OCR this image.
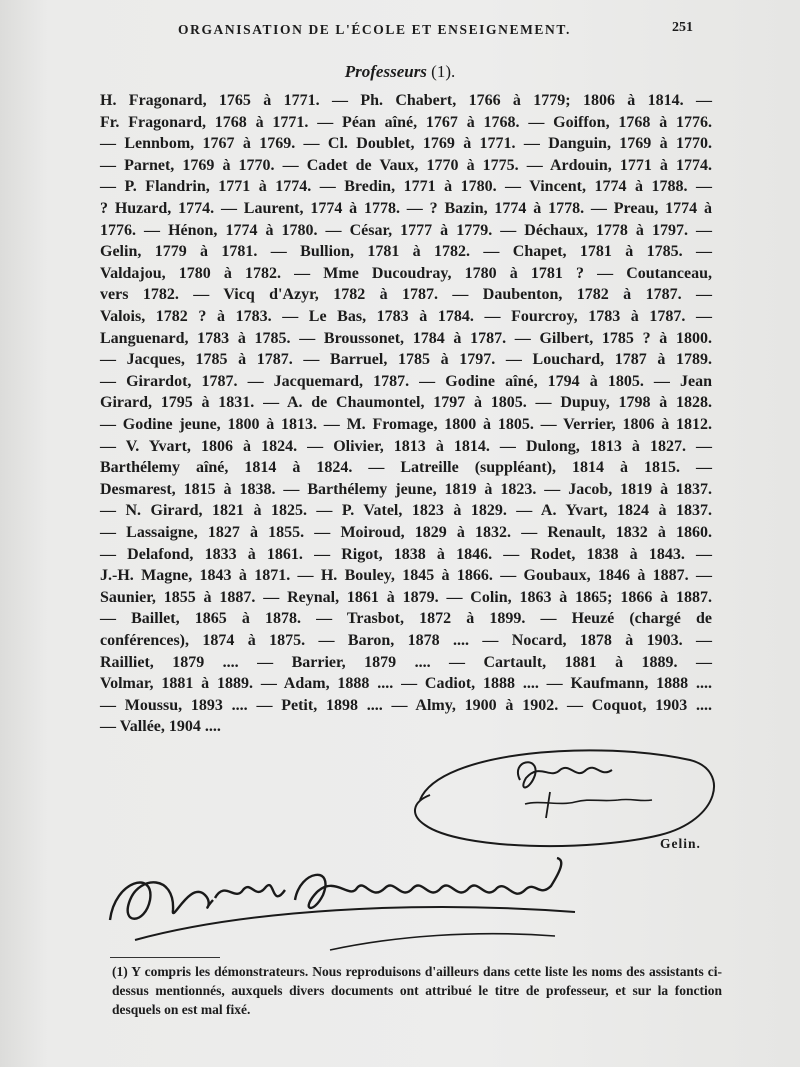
ORGANISATION DE L'ÉCOLE ET ENSEIGNEMENT.	251
Professeurs (1).
H. Fragonard, 1765 à 1771. — Ph. Chabert, 1766 à 1779; 1806 à 1814. —
Fr. Fragonard, 1768 à 1771. — Péan aîné, 1767 à 1768. — Goiffon, 1768 à 1776.
— Lennbom, 1767 à 1769. — Cl. Doublet, 1769 à 1771. — Danguin, 1769 à 1770.
— Parnet, 1769 à 1770. — Cadet de Vaux, 1770 à 1775. — Ardouin, 1771 à 1774.
— P. Flandrin, 1771 à 1774. — Bredin, 1771 à 1780. — Vincent, 1774 à 1788. —
? Huzard, 1774. — Laurent, 1774 à 1778. — ? Bazin, 1774 à 1778. — Preau, 1774 à
1776. — Hénon, 1774 à 1780. — César, 1777 à 1779. — Déchaux, 1778 à 1797. —
Gelin, 1779 à 1781. — Bullion, 1781 à 1782. — Chapet, 1781 à 1785. —
Valdajou, 1780 à 1782. — Mme Ducoudray, 1780 à 1781 ? — Coutanceau,
vers 1782. — Vicq d'Azyr, 1782 à 1787. — Daubenton, 1782 à 1787. —
Valois, 1782 ? à 1783. — Le Bas, 1783 à 1784. — Fourcroy, 1783 à 1787. —
Languenard, 1783 à 1785. — Broussonet, 1784 à 1787. — Gilbert, 1785 ? à 1800.
— Jacques, 1785 à 1787. — Barruel, 1785 à 1797. — Louchard, 1787 à 1789.
— Girardot, 1787. — Jacquemard, 1787. — Godine aîné, 1794 à 1805. — Jean
Girard, 1795 à 1831. — A. de Chaumontel, 1797 à 1805. — Dupuy, 1798 à 1828.
— Godine jeune, 1800 à 1813. — M. Fromage, 1800 à 1805. — Verrier, 1806 à 1812.
— V. Yvart, 1806 à 1824. — Olivier, 1813 à 1814. — Dulong, 1813 à 1827. —
Barthélemy aîné, 1814 à 1824. — Latreille (suppléant), 1814 à 1815. —
Desmarest, 1815 à 1838. — Barthélemy jeune, 1819 à 1823. — Jacob, 1819 à 1837.
— N. Girard, 1821 à 1825. — P. Vatel, 1823 à 1829. — A. Yvart, 1824 à 1837.
— Lassaigne, 1827 à 1855. — Moiroud, 1829 à 1832. — Renault, 1832 à 1860.
— Delafond, 1833 à 1861. — Rigot, 1838 à 1846. — Rodet, 1838 à 1843. —
J.-H. Magne, 1843 à 1871. — H. Bouley, 1845 à 1866. — Goubaux, 1846 à 1887. —
Saunier, 1855 à 1887. — Reynal, 1861 à 1879. — Colin, 1863 à 1865; 1866 à 1887.
— Baillet, 1865 à 1878. — Trasbot, 1872 à 1899. — Heuzé (chargé de
conférences), 1874 à 1875. — Baron, 1878 .... — Nocard, 1878 à 1903. —
Railliet, 1879 .... — Barrier, 1879 .... — Cartault, 1881 à 1889. —
Volmar, 1881 à 1889. — Adam, 1888 .... — Cadiot, 1888 .... — Kaufmann, 1888 ....
— Moussu, 1893 .... — Petit, 1898 .... — Almy, 1900 à 1902. — Coquot, 1903 ....
— Vallée, 1904 ....
Gelin.
(1) Y compris les démonstrateurs. Nous reproduisons d'ailleurs dans cette liste les noms des assistants ci-dessus mentionnés, auxquels divers documents ont attribué le titre de professeur, et sur la fonction desquels on est mal fixé.
